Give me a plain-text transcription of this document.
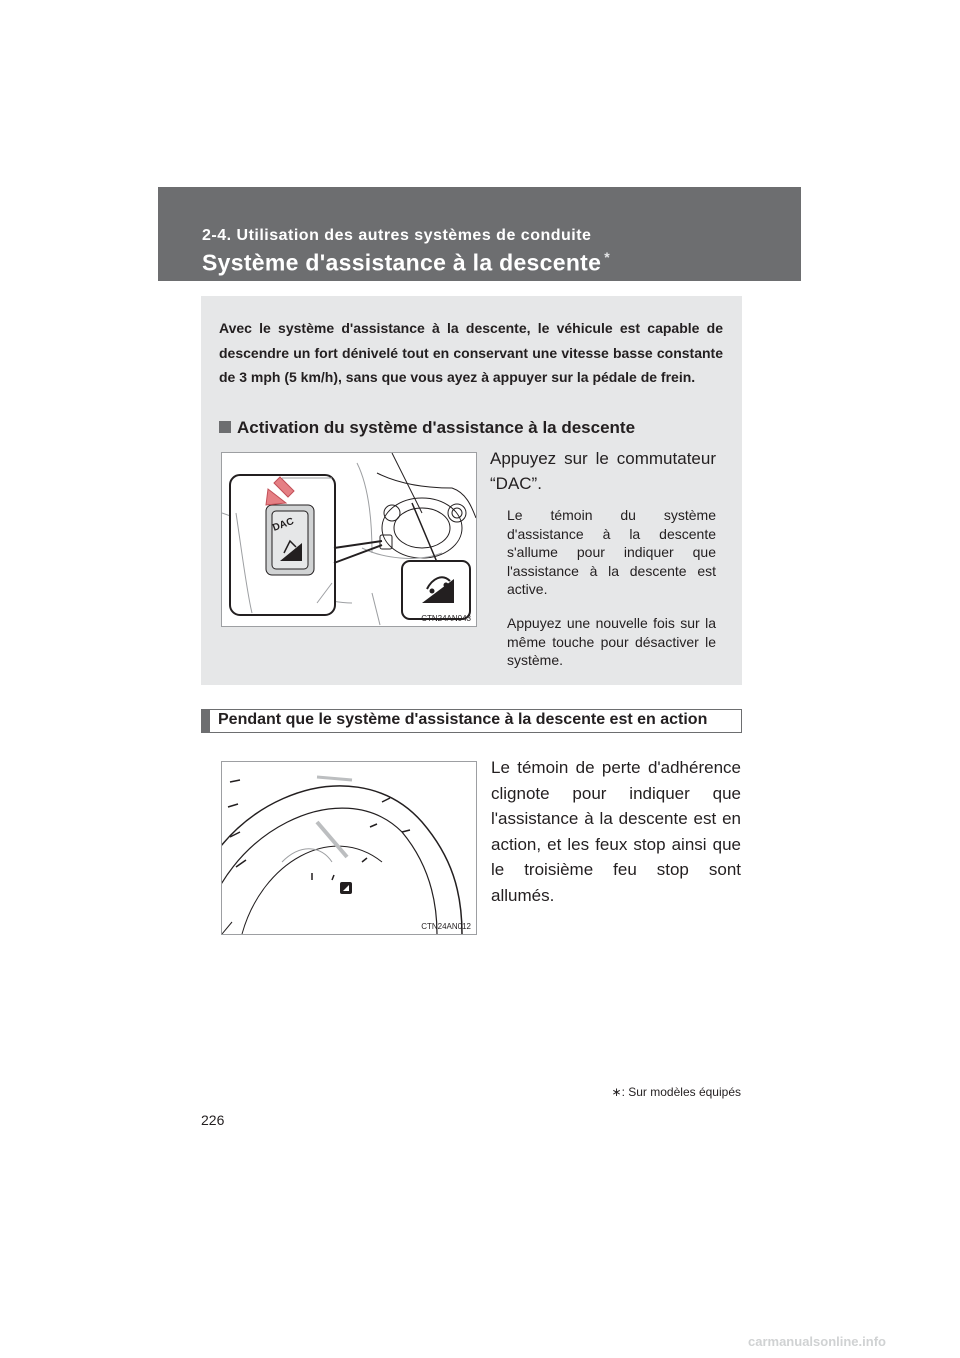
2-4. Utilisation des autres systèmes de conduite
Système d'assistance à la descente *
Avec le système d'assistance à la descente, le véhicule est capable de descendre un fort dénivelé tout en conservant une vitesse basse constante de 3 mph (5 km/h), sans que vous ayez à appuyer sur la pédale de frein.
Activation du système d'assistance à la descente
DAC
CTN24AN043
Appuyez sur le commutateur “DAC”.
Le témoin du système d'assistance à la descente s'allume pour indiquer que l'assistance à la descente est active.
Appuyez une nouvelle fois sur la même touche pour désactiver le système.
Pendant que le système d'assistance à la descente est en action
CTN24AN012
Le témoin de perte d'adhérence clignote pour indiquer que l'assistance à la descente est en action, et les feux stop ainsi que le troisième feu stop sont allumés.
∗: Sur modèles équipés
226
carmanualsonline.info
